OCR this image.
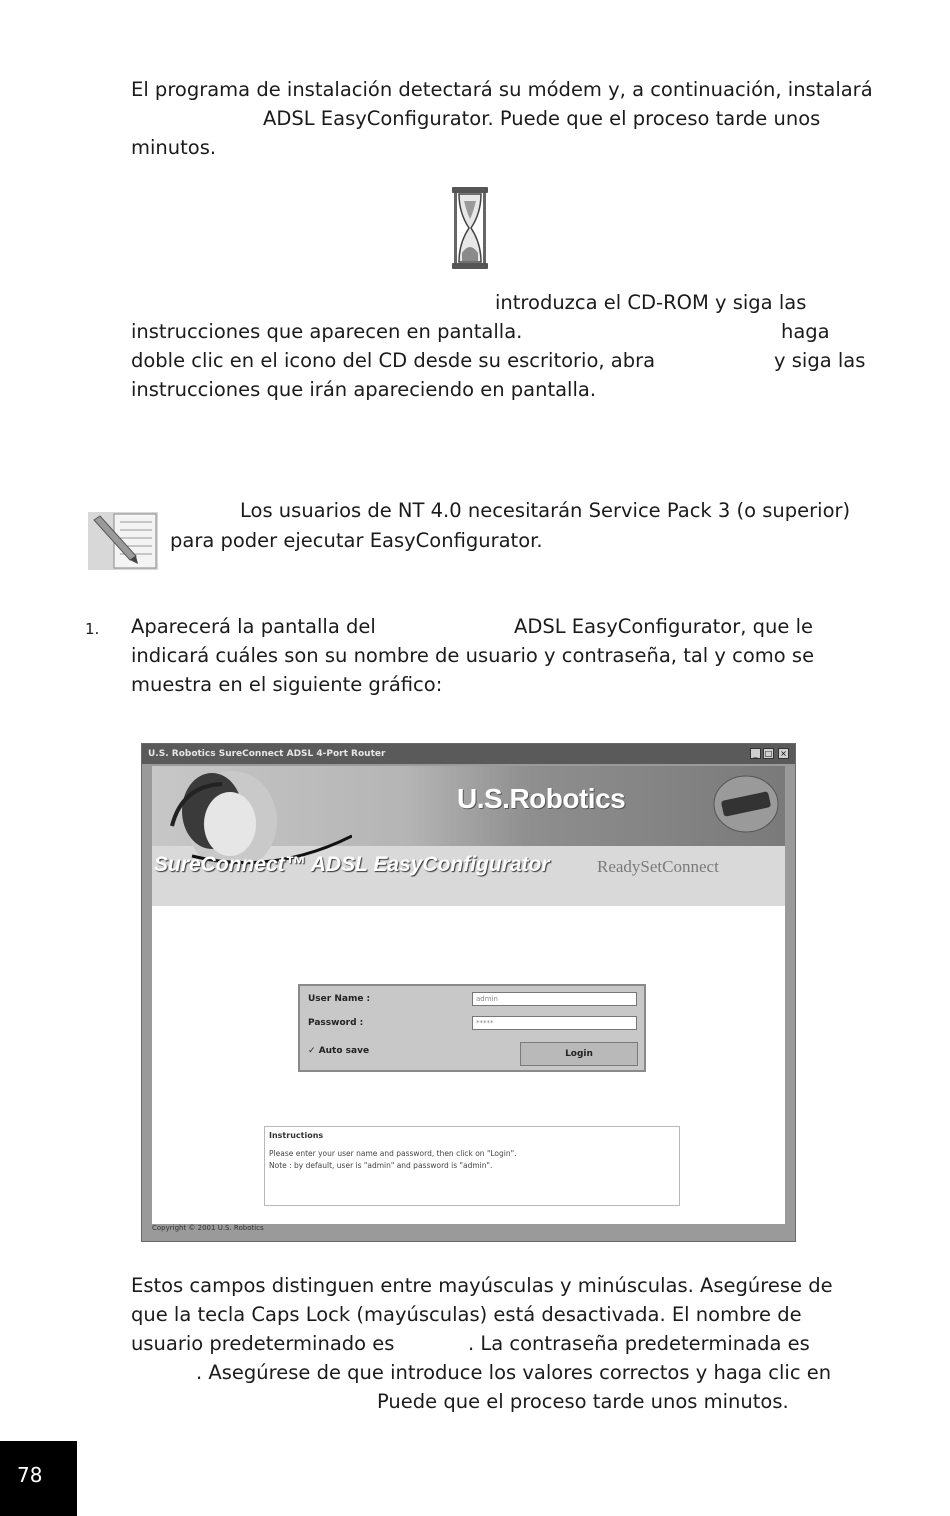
El programa de instalación detectará su módem y, a continuación, instalará
ADSL EasyConfigurator. Puede que el proceso tarde unos
minutos.
introduzca el CD-ROM y siga las
instrucciones que aparecen en pantalla.	haga
doble clic en el icono del CD desde su escritorio, abra	y siga las
instrucciones que irán apareciendo en pantalla.
Los usuarios de NT 4.0 necesitarán Service Pack 3 (o superior)
para poder ejecutar EasyConfigurator.
1. Aparecerá la pantalla del	ADSL EasyConfigurator, que le
indicará cuáles son su nombre de usuario y contraseña, tal y como se
muestra en el siguiente gráfico:
U.S. Robotics SureConnect ADSL 4-Port Router	_ □ ×
U.S.Robotics
SureConnect™ ADSL EasyConfigurator	ReadySetConnect
User Name :	admin
Password :	*****
✓ Auto save	Login
Instructions
Please enter your user name and password, then click on "Login".
Note : by default, user is "admin" and password is "admin".
Copyright © 2001 U.S. Robotics
Estos campos distinguen entre mayúsculas y minúsculas. Asegúrese de
que la tecla Caps Lock (mayúsculas) está desactivada. El nombre de
usuario predeterminado es	. La contraseña predeterminada es
. Asegúrese de que introduce los valores correctos y haga clic en
Puede que el proceso tarde unos minutos.
78
